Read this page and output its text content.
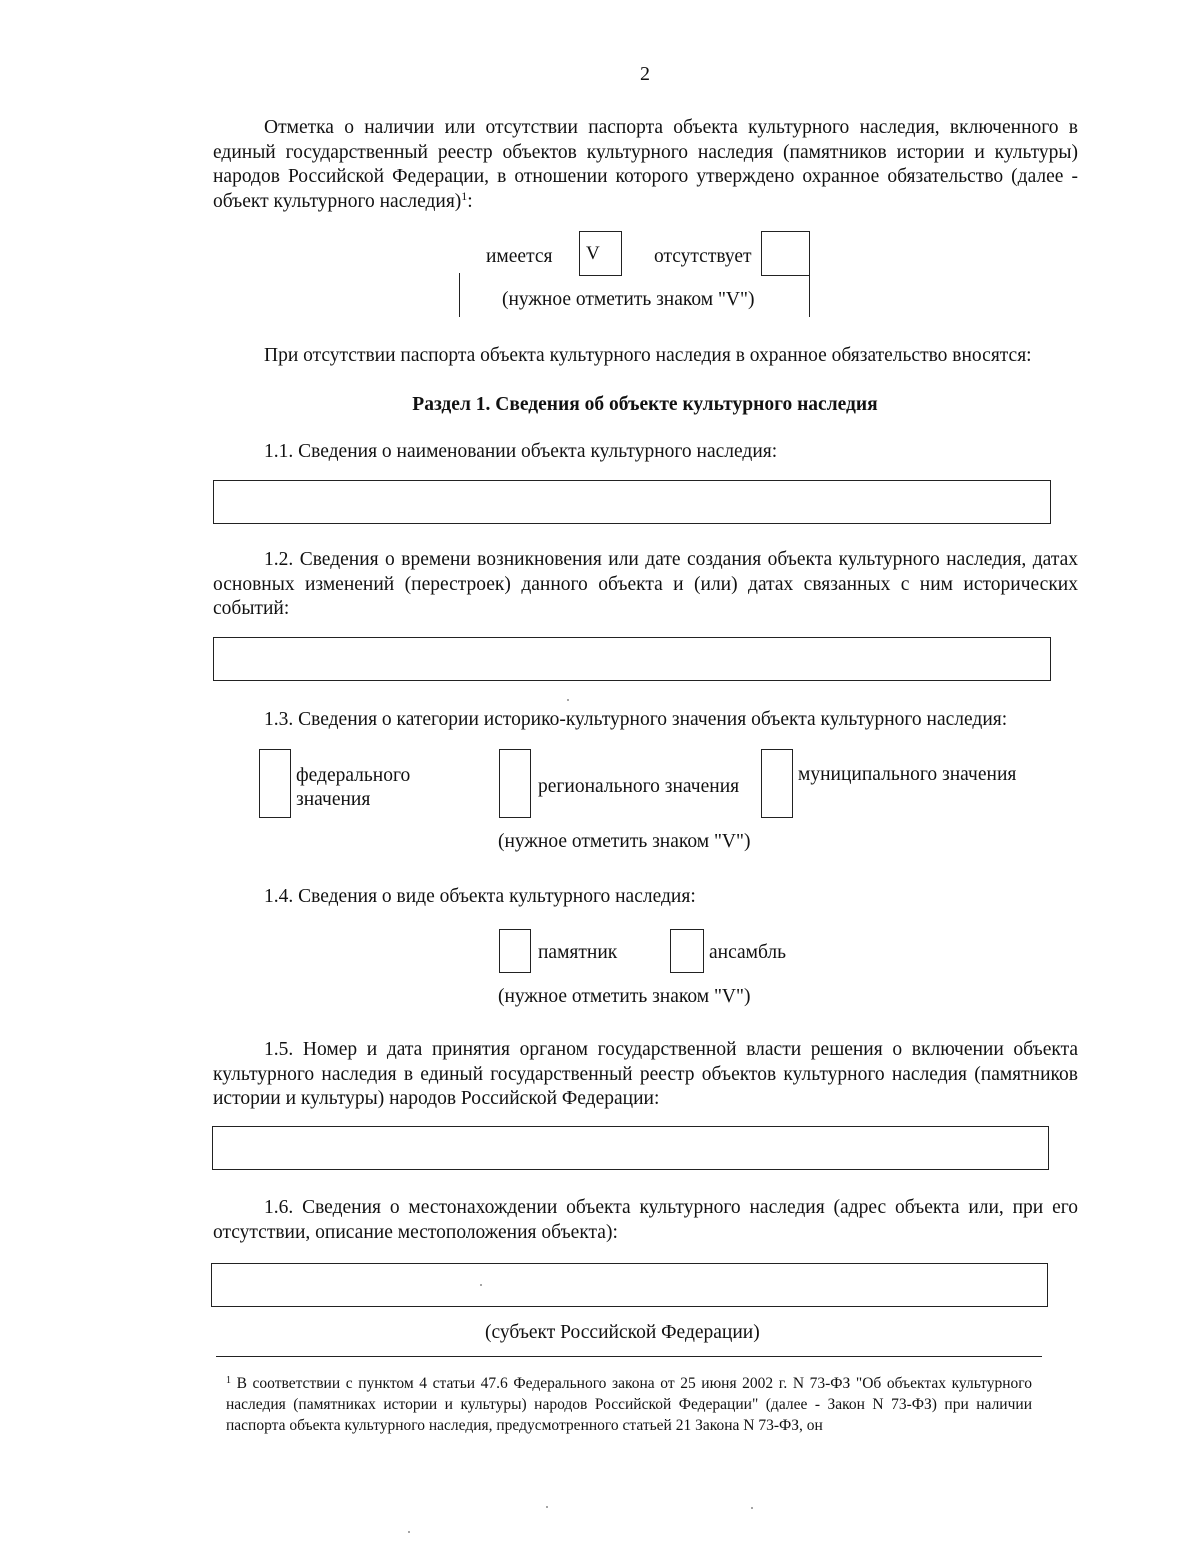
2
Отметка о наличии или отсутствии паспорта объекта культурного наследия, включенного в единый государственный реестр объектов культурного наследия (памятников истории и культуры) народов Российской Федерации, в отношении которого утверждено охранное обязательство (далее - объект культурного наследия)$^1$:
имеется V	отсутствует
(нужное отметить знаком "V")
При отсутствии паспорта объекта культурного наследия в охранное обязательство вносятся:
Раздел 1. Сведения об объекте культурного наследия
1.1. Сведения о наименовании объекта культурного наследия:
1.2. Сведения о времени возникновения или дате создания объекта культурного наследия, датах основных изменений (перестроек) данного объекта и (или) датах связанных с ним исторических событий:
1.3. Сведения о категории историко-культурного значения объекта культурного наследия:
федерального
значения
регионального значения
муниципального значения
(нужное отметить знаком "V")
1.4. Сведения о виде объекта культурного наследия:
памятник	ансамбль
(нужное отметить знаком "V")
1.5. Номер и дата принятия органом государственной власти решения о включении объекта культурного наследия в единый государственный реестр объектов культурного наследия (памятников истории и культуры) народов Российской Федерации:
1.6. Сведения о местонахождении объекта культурного наследия (адрес объекта или, при его отсутствии, описание местоположения объекта):
(субъект Российской Федерации)
$^1$ В соответствии с пунктом 4 статьи 47.6 Федерального закона от 25 июня 2002 г. N 73-ФЗ "Об объектах культурного наследия (памятниках истории и культуры) народов Российской Федерации" (далее - Закон N 73-ФЗ) при наличии паспорта объекта культурного наследия, предусмотренного статьей 21 Закона N 73-ФЗ, он
